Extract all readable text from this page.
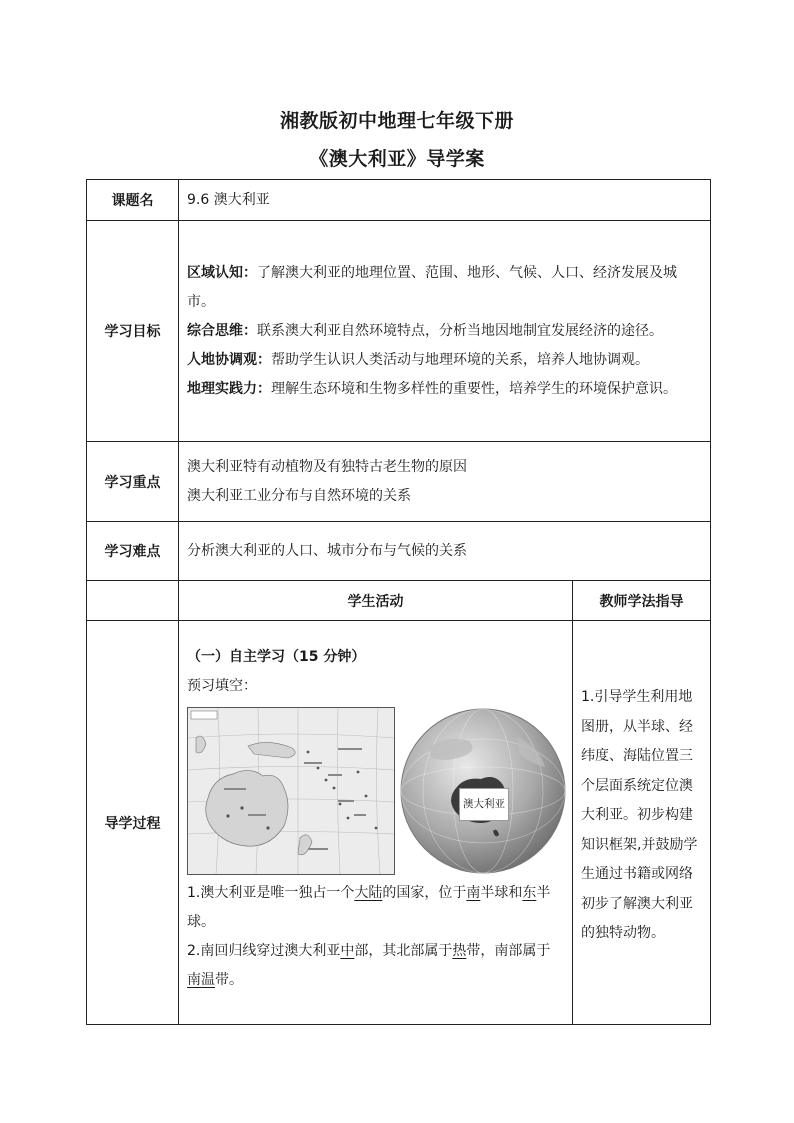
湘教版初中地理七年级下册
《澳大利亚》导学案
课题名	9.6 澳大利亚	
学习目标	区域认知：了解澳大利亚的地理位置、范围、地形、气候、人口、经济发展及城市。

综合思维：联系澳大利亚自然环境特点，分析当地因地制宜发展经济的途径。

人地协调观：帮助学生认识人类活动与地理环境的关系，培养人地协调观。

地理实践力：理解生态环境和生物多样性的重要性，培养学生的环境保护意识。	

学习重点	澳大利亚特有动植物及有独特古老生物的原因

澳大利亚工业分布与自然环境的关系	

学习难点	分析澳大利亚的人口、城市分布与气候的关系	
	学生活动	教师学法指导
导学过程	（一）自主学习（15 分钟）

预习填空：

澳大利亚

1.澳大利亚是唯一独占一个大陆的国家，位于南半球和东半球。

2.南回归线穿过澳大利亚中部，其北部属于热带，南部属于南温带。	1.引导学生利用地图册，从半球、经纬度、海陆位置三个层面系统定位澳大利亚。初步构建知识框架,并鼓励学生通过书籍或网络初步了解澳大利亚的独特动物。
